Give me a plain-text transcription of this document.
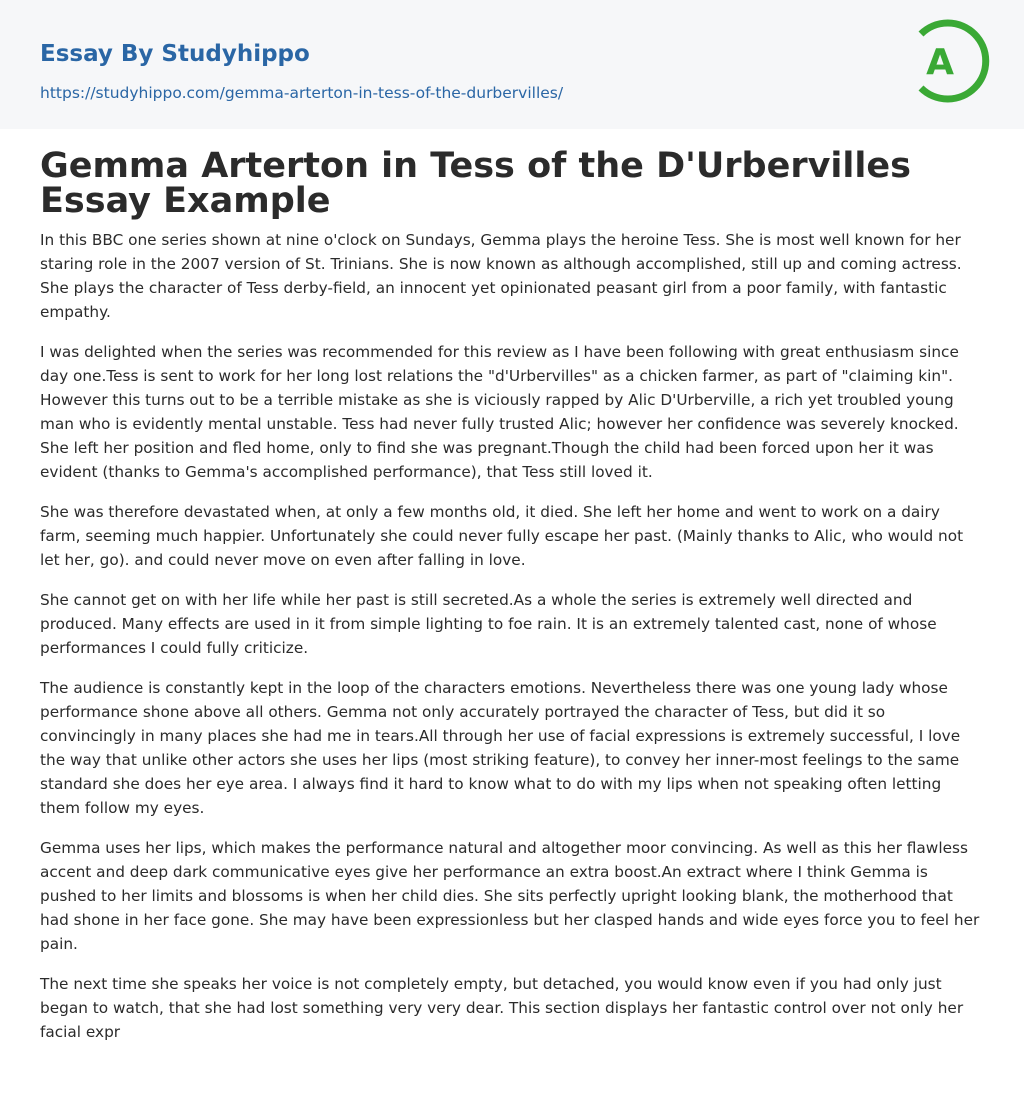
Essay By Studyhippo
https://studyhippo.com/gemma-arterton-in-tess-of-the-durbervilles/
A
Gemma Arterton in Tess of the D'Urbervilles
Essay Example

In this BBC one series shown at nine o'clock on Sundays, Gemma plays the heroine Tess. She is most well known for her staring role in the 2007 version of St. Trinians. She is now known as although accomplished, still up and coming actress. She plays the character of Tess derby-field, an innocent yet opinionated peasant girl from a poor family, with fantastic empathy.

I was delighted when the series was recommended for this review as I have been following with great enthusiasm since day one.Tess is sent to work for her long lost relations the "d'Urbervilles" as a chicken farmer, as part of "claiming kin". However this turns out to be a terrible mistake as she is viciously rapped by Alic D'Urberville, a rich yet troubled young man who is evidently mental unstable. Tess had never fully trusted Alic; however her confidence was severely knocked. She left her position and fled home, only to find she was pregnant.Though the child had been forced upon her it was evident (thanks to Gemma's accomplished performance), that Tess still loved it.

She was therefore devastated when, at only a few months old, it died. She left her home and went to work on a dairy farm, seeming much happier. Unfortunately she could never fully escape her past. (Mainly thanks to Alic, who would not let her, go). and could never move on even after falling in love.

She cannot get on with her life while her past is still secreted.As a whole the series is extremely well directed and produced. Many effects are used in it from simple lighting to foe rain. It is an extremely talented cast, none of whose performances I could fully criticize.

The audience is constantly kept in the loop of the characters emotions. Nevertheless there was one young lady whose performance shone above all others. Gemma not only accurately portrayed the character of Tess, but did it so convincingly in many places she had me in tears.All through her use of facial expressions is extremely successful, I love the way that unlike other actors she uses her lips (most striking feature), to convey her inner-most feelings to the same standard she does her eye area. I always find it hard to know what to do with my lips when not speaking often letting them follow my eyes.

Gemma uses her lips, which makes the performance natural and altogether moor convincing. As well as this her flawless accent and deep dark communicative eyes give her performance an extra boost.An extract where I think Gemma is pushed to her limits and blossoms is when her child dies. She sits perfectly upright looking blank, the motherhood that had shone in her face gone. She may have been expressionless but her clasped hands and wide eyes force you to feel her pain.

The next time she speaks her voice is not completely empty, but detached, you would know even if you had only just began to watch, that she had lost something very very dear. This section displays her fantastic control over not only her facial expr
